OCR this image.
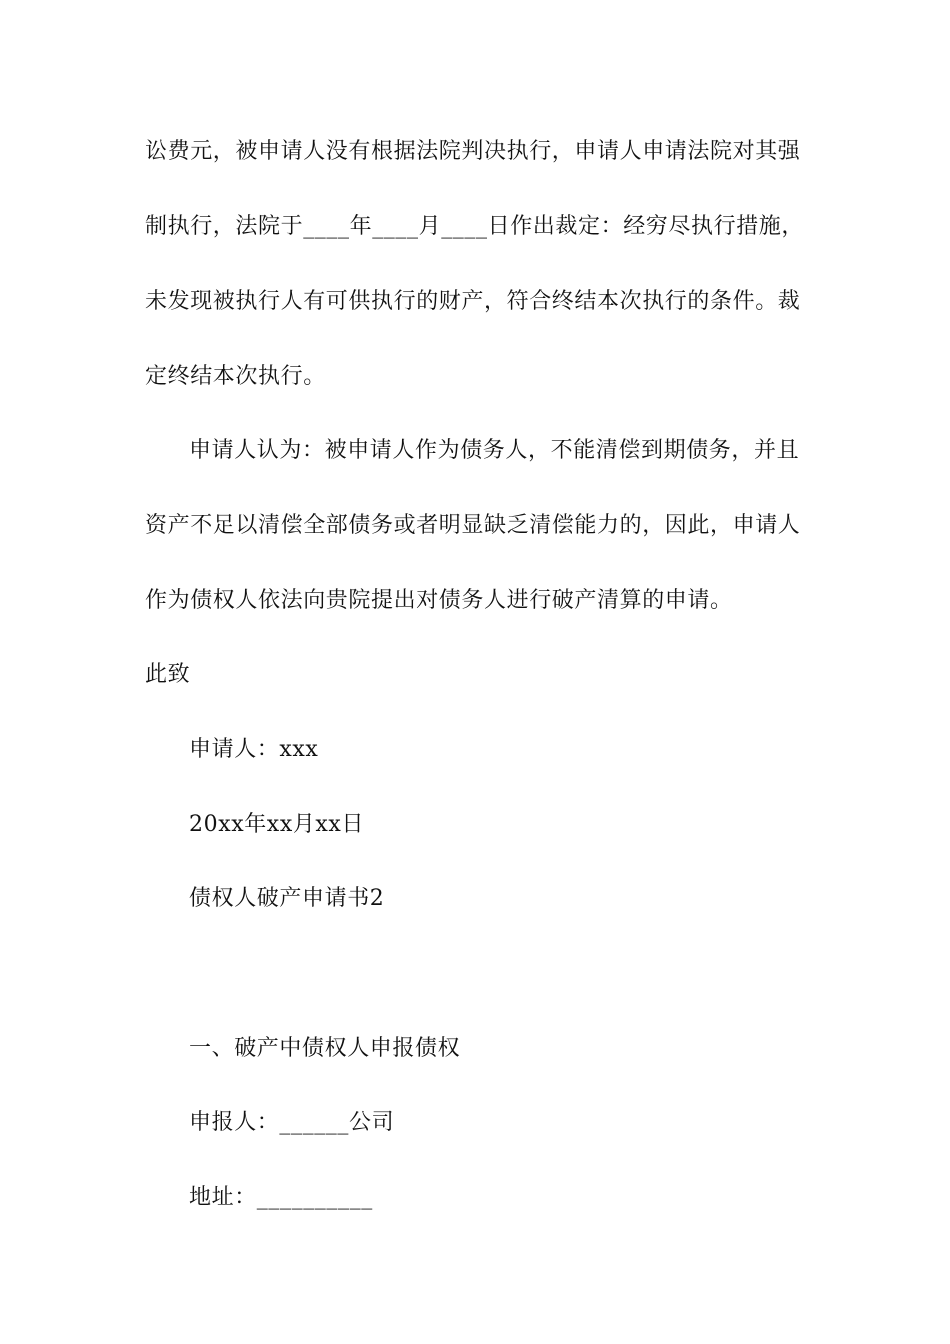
讼费元，被申请人没有根据法院判决执行，申请人申请法院对其强
制执行，法院于____年____月____日作出裁定：经穷尽执行措施，
未发现被执行人有可供执行的财产，符合终结本次执行的条件。裁
定终结本次执行。
申请人认为：被申请人作为债务人，不能清偿到期债务，并且
资产不足以清偿全部债务或者明显缺乏清偿能力的，因此，申请人
作为债权人依法向贵院提出对债务人进行破产清算的申请。
此致
申请人：xxx
20xx年xx月xx日
债权人破产申请书2
一、破产中债权人申报债权
申报人：______公司
地址：__________
